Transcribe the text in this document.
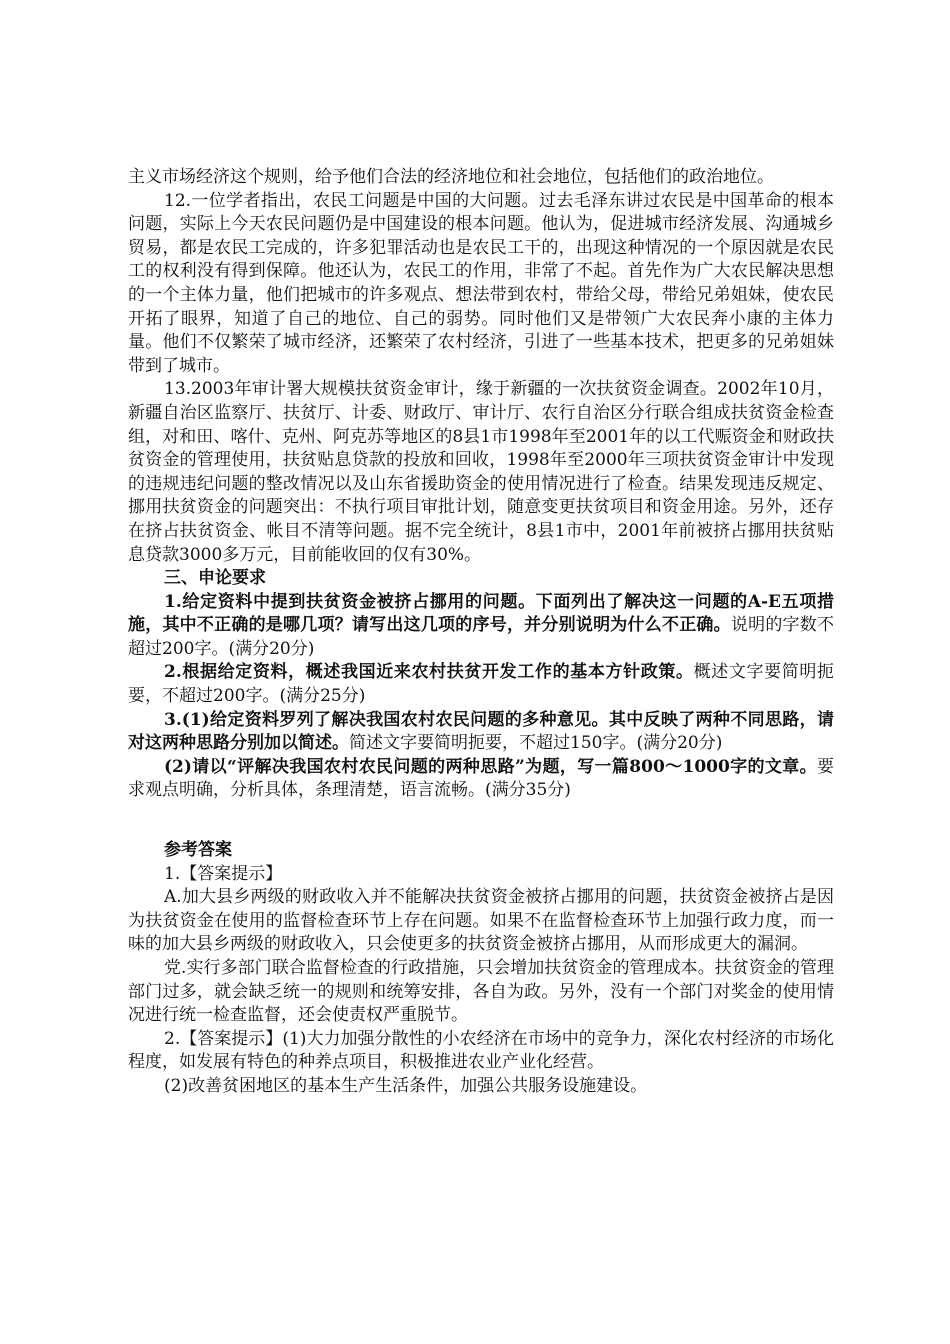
主义市场经济这个规则，给予他们合法的经济地位和社会地位，包括他们的政治地位。

12.一位学者指出，农民工问题是中国的大问题。过去毛泽东讲过农民是中国革命的根本问题，实际上今天农民问题仍是中国建设的根本问题。他认为，促进城市经济发展、沟通城乡贸易，都是农民工完成的，许多犯罪活动也是农民工干的，出现这种情况的一个原因就是农民工的权利没有得到保障。他还认为，农民工的作用，非常了不起。首先作为广大农民解决思想的一个主体力量，他们把城市的许多观点、想法带到农村，带给父母，带给兄弟姐妹，使农民开拓了眼界，知道了自己的地位、自己的弱势。同时他们又是带领广大农民奔小康的主体力量。他们不仅繁荣了城市经济，还繁荣了农村经济，引进了一些基本技术，把更多的兄弟姐妹带到了城市。

13.2003年审计署大规模扶贫资金审计，缘于新疆的一次扶贫资金调查。2002年10月，新疆自治区监察厅、扶贫厅、计委、财政厅、审计厅、农行自治区分行联合组成扶贫资金检查组，对和田、喀什、克州、阿克苏等地区的8县1市1998年至2001年的以工代赈资金和财政扶贫资金的管理使用，扶贫贴息贷款的投放和回收，1998年至2000年三项扶贫资金审计中发现的违规违纪问题的整改情况以及山东省援助资金的使用情况进行了检查。结果发现违反规定、挪用扶贫资金的问题突出：不执行项目审批计划，随意变更扶贫项目和资金用途。另外，还存在挤占扶贫资金、帐目不清等问题。据不完全统计，8县1市中，2001年前被挤占挪用扶贫贴息贷款3000多万元，目前能收回的仅有30%。

三、申论要求

1.给定资料中提到扶贫资金被挤占挪用的问题。下面列出了解决这一问题的A-E五项措施，其中不正确的是哪几项？请写出这几项的序号，并分别说明为什么不正确。说明的字数不超过200字。(满分20分)

2.根据给定资料，概述我国近来农村扶贫开发工作的基本方针政策。概述文字要简明扼要，不超过200字。(满分25分)

3.(1)给定资料罗列了解决我国农村农民问题的多种意见。其中反映了两种不同思路，请对这两种思路分别加以简述。简述文字要简明扼要，不超过150字。(满分20分)

(2)请以“评解决我国农村农民问题的两种思路”为题，写一篇800～1000字的文章。要求观点明确，分析具体，条理清楚，语言流畅。(满分35分)

参考答案

1.【答案提示】

A.加大县乡两级的财政收入并不能解决扶贫资金被挤占挪用的问题，扶贫资金被挤占是因为扶贫资金在使用的监督检查环节上存在问题。如果不在监督检查环节上加强行政力度，而一味的加大县乡两级的财政收入，只会使更多的扶贫资金被挤占挪用，从而形成更大的漏洞。

党.实行多部门联合监督检查的行政措施，只会增加扶贫资金的管理成本。扶贫资金的管理部门过多，就会缺乏统一的规则和统筹安排，各自为政。另外，没有一个部门对奖金的使用情况进行统一检查监督，还会使责权严重脱节。

2.【答案提示】(1)大力加强分散性的小农经济在市场中的竞争力，深化农村经济的市场化程度，如发展有特色的种养点项目，积极推进农业产业化经营。

(2)改善贫困地区的基本生产生活条件，加强公共服务设施建设。
